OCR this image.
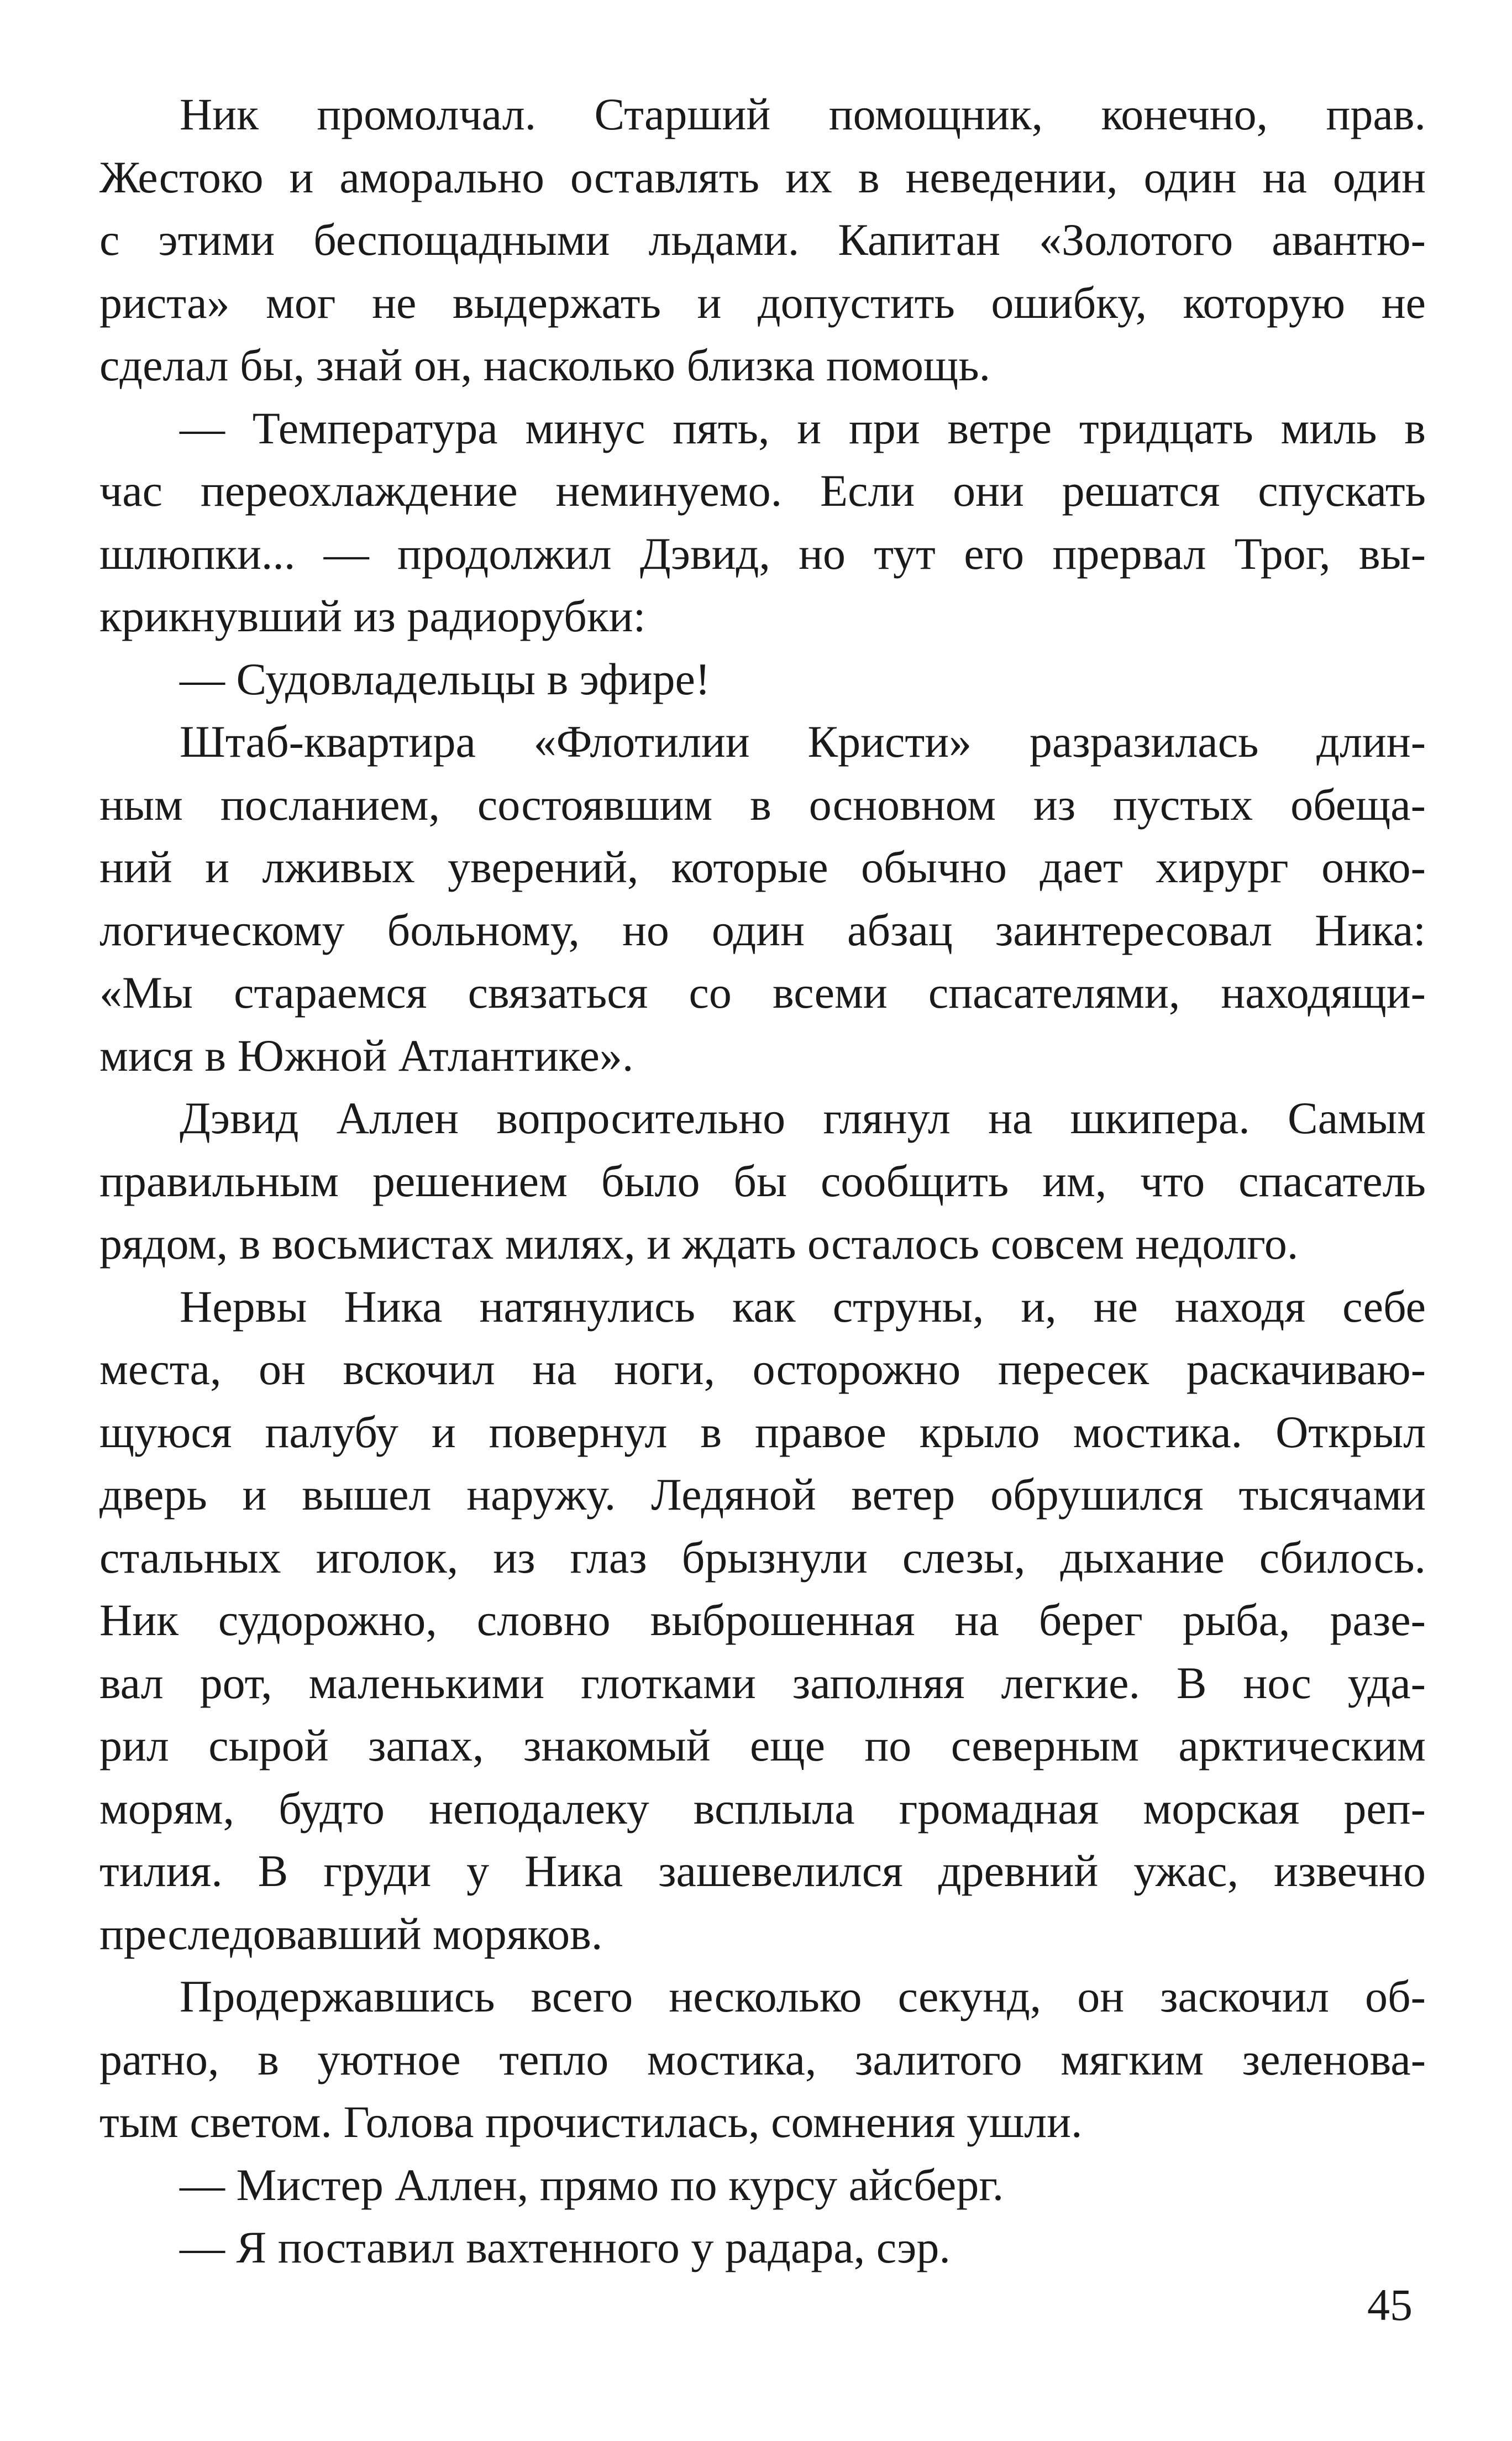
Ник промолчал. Старший помощник, конечно, прав.
Жестоко и аморально оставлять их в неведении, один на один
с этими беспощадными льдами. Капитан «Золотого авантю-
риста» мог не выдержать и допустить ошибку, которую не
сделал бы, знай он, насколько близка помощь.
— Температура минус пять, и при ветре тридцать миль в
час переохлаждение неминуемо. Если они решатся спускать
шлюпки... — продолжил Дэвид, но тут его прервал Трог, вы-
крикнувший из радиорубки:
— Судовладельцы в эфире!
Штаб-квартира «Флотилии Кристи» разразилась длин-
ным посланием, состоявшим в основном из пустых обеща-
ний и лживых уверений, которые обычно дает хирург онко-
логическому больному, но один абзац заинтересовал Ника:
«Мы стараемся связаться со всеми спасателями, находящи-
мися в Южной Атлантике».
Дэвид Аллен вопросительно глянул на шкипера. Самым
правильным решением было бы сообщить им, что спасатель
рядом, в восьмистах милях, и ждать осталось совсем недолго.
Нервы Ника натянулись как струны, и, не находя себе
места, он вскочил на ноги, осторожно пересек раскачиваю-
щуюся палубу и повернул в правое крыло мостика. Открыл
дверь и вышел наружу. Ледяной ветер обрушился тысячами
стальных иголок, из глаз брызнули слезы, дыхание сбилось.
Ник судорожно, словно выброшенная на берег рыба, разе-
вал рот, маленькими глотками заполняя легкие. В нос уда-
рил сырой запах, знакомый еще по северным арктическим
морям, будто неподалеку всплыла громадная морская реп-
тилия. В груди у Ника зашевелился древний ужас, извечно
преследовавший моряков.
Продержавшись всего несколько секунд, он заскочил об-
ратно, в уютное тепло мостика, залитого мягким зеленова-
тым светом. Голова прочистилась, сомнения ушли.
— Мистер Аллен, прямо по курсу айсберг.
— Я поставил вахтенного у радара, сэр.
45
